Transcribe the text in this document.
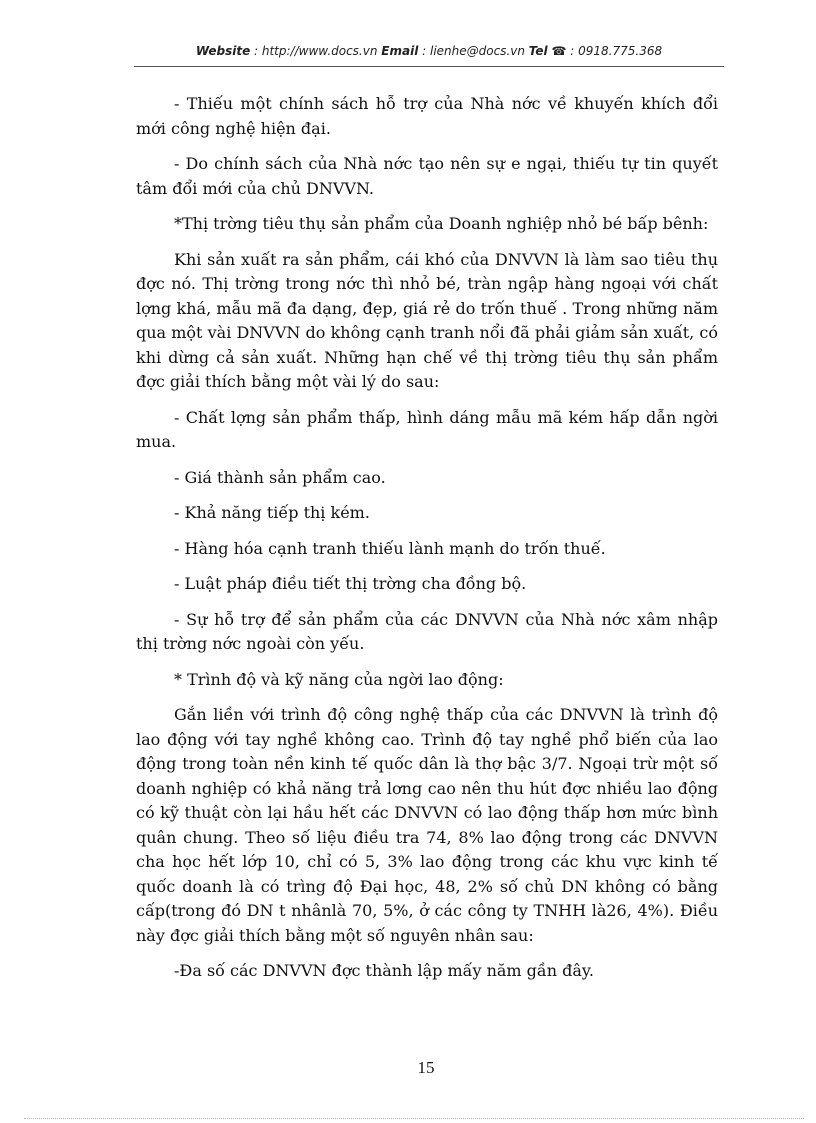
Website : http://www.docs.vn Email : lienhe@docs.vn Tel ☎ : 0918.775.368

- Thiếu một chính sách hỗ trợ của Nhà nớc về khuyến khích đổi mới công nghệ hiện đại.

- Do chính sách của Nhà nớc tạo nên sự e ngại, thiếu tự tin quyết tâm đổi mới của chủ DNVVN.

*Thị trờng tiêu thụ sản phẩm của Doanh nghiệp nhỏ bé bấp bênh:

Khi sản xuất ra sản phẩm, cái khó của DNVVN là làm sao tiêu thụ đợc nó. Thị trờng trong nớc thì nhỏ bé, tràn ngập hàng ngoại với chất lợng khá, mẫu mã đa dạng, đẹp, giá rẻ do trốn thuế . Trong những năm qua một vài DNVVN do không cạnh tranh nổi đã phải giảm sản xuất, có khi dừng cả sản xuất. Những hạn chế về thị trờng tiêu thụ sản phẩm đợc giải thích bằng một vài lý do sau:

- Chất lợng sản phẩm thấp, hình dáng mẫu mã kém hấp dẫn ngời mua.

- Giá thành sản phẩm cao.

- Khả năng tiếp thị kém.

- Hàng hóa cạnh tranh thiếu lành mạnh do trốn thuế.

- Luật pháp điều tiết thị trờng cha đồng bộ.

- Sự hỗ trợ để sản phẩm của các DNVVN của Nhà nớc xâm nhập thị trờng nớc ngoài còn yếu.

* Trình độ và kỹ năng của ngời lao động:

Gắn liền với trình độ công nghệ thấp của các DNVVN là trình độ lao động với tay nghề không cao. Trình độ tay nghề phổ biến của lao động trong toàn nền kinh tế quốc dân là thợ bậc 3/7. Ngoại trừ một số doanh nghiệp có khả năng trả lơng cao nên thu hút đợc nhiều lao động có kỹ thuật còn lại hầu hết các DNVVN có lao động thấp hơn mức bình quân chung. Theo số liệu điều tra 74, 8% lao động trong các DNVVN cha học hết lớp 10, chỉ có 5, 3% lao động trong các khu vực kinh tế quốc doanh là có trìng độ Đại học, 48, 2% số chủ DN không có bằng cấp(trong đó DN t nhânlà 70, 5%, ở các công ty TNHH là26, 4%). Điều này đợc giải thích bằng một số nguyên nhân sau:

-Đa số các DNVVN đợc thành lập mấy năm gần đây.

15
